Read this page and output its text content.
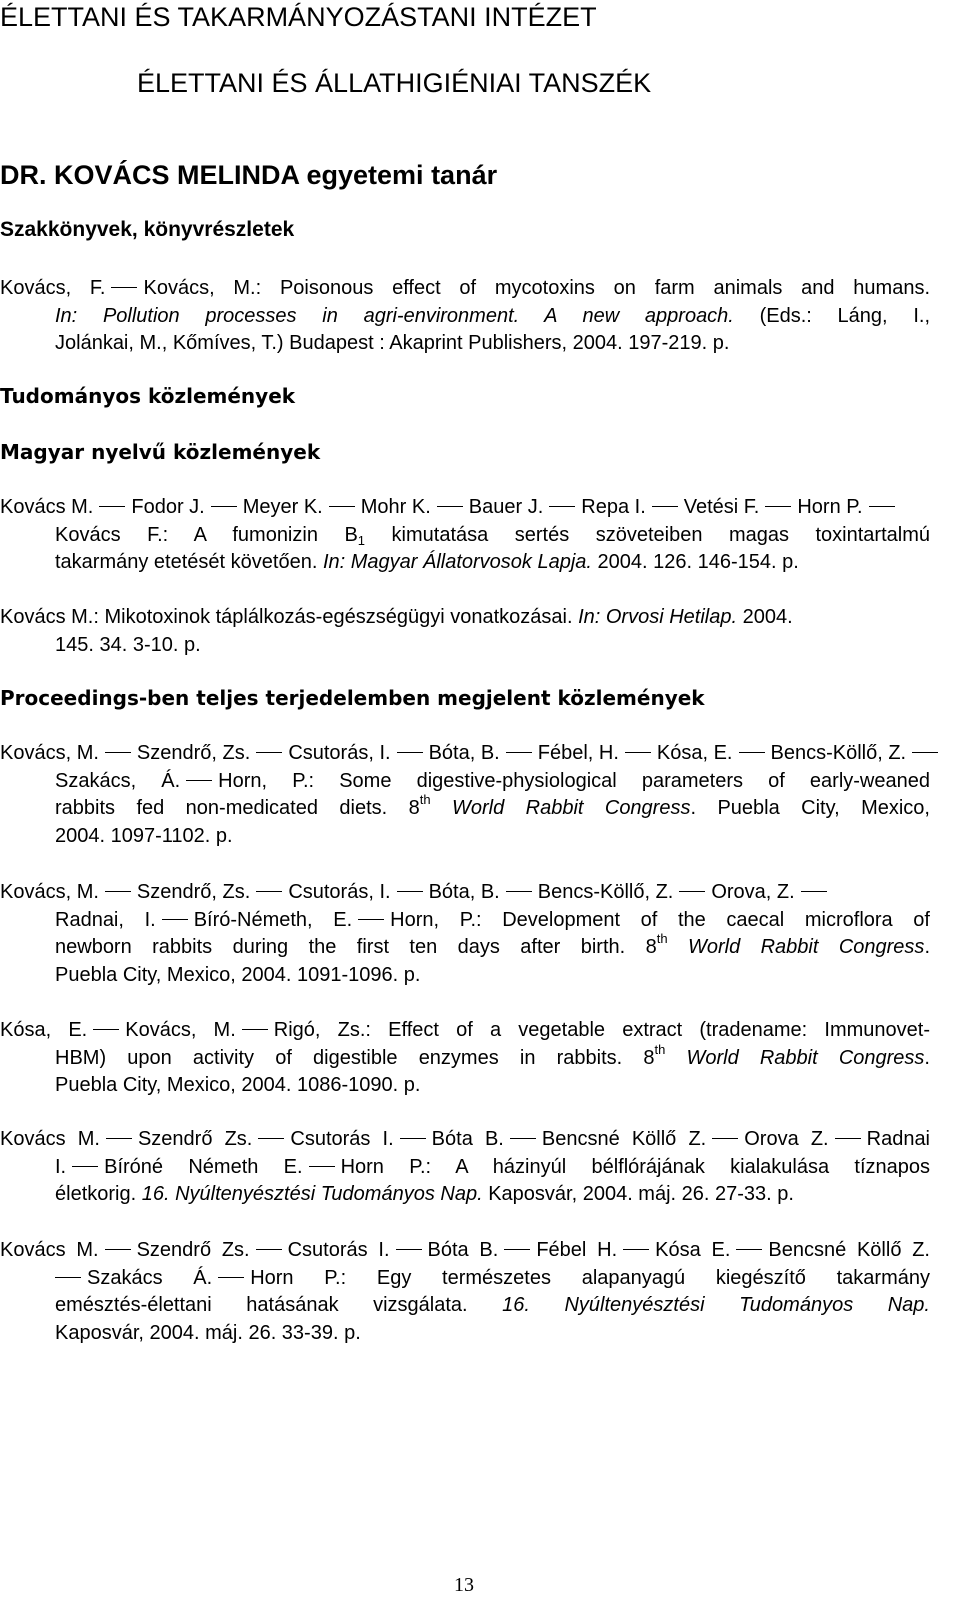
ÉLETTANI ÉS TAKARMÁNYOZÁSTANI INTÉZET
ÉLETTANI ÉS ÁLLATHIGIÉNIAI TANSZÉK
DR. KOVÁCS MELINDA egyetemi tanár
Szakkönyvek, könyvrészletek
Kovács, F. Kovács, M.: Poisonous effect of mycotoxins on farm animals and humans.
In: Pollution processes in agri-environment. A new approach. (Eds.: Láng, I.,
Jolánkai, M., Kőmíves, T.) Budapest : Akaprint Publishers, 2004. 197-219. p.
Tudományos közlemények
Magyar nyelvű közlemények
Kovács M. Fodor J. Meyer K. Mohr K. Bauer J. Repa I. Vetési F. Horn P.
Kovács F.: A fumonizin $B_1$ kimutatása sertés szöveteiben magas toxintartalmú
takarmány etetését követően. In: Magyar Állatorvosok Lapja. 2004. 126. 146-154. p.
Kovács M.: Mikotoxinok táplálkozás-egészségügyi vonatkozásai. In: Orvosi Hetilap. 2004.
145. 34. 3-10. p.
Proceedings-ben teljes terjedelemben megjelent közlemények
Kovács, M. Szendrő, Zs. Csutorás, I. Bóta, B. Fébel, H. Kósa, E. Bencs-Köllő, Z.
Szakács, Á. Horn, P.: Some digestive-physiological parameters of early-weaned
rabbits fed non-medicated diets. 8th World Rabbit Congress. Puebla City, Mexico,
2004. 1097-1102. p.
Kovács, M. Szendrő, Zs. Csutorás, I. Bóta, B. Bencs-Köllő, Z. Orova, Z.
Radnai, I. Bíró-Németh, E. Horn, P.: Development of the caecal microflora of
newborn rabbits during the first ten days after birth. 8th World Rabbit Congress.
Puebla City, Mexico, 2004. 1091-1096. p.
Kósa, E. Kovács, M. Rigó, Zs.: Effect of a vegetable extract (tradename: Immunovet-
HBM) upon activity of digestible enzymes in rabbits. 8th World Rabbit Congress.
Puebla City, Mexico, 2004. 1086-1090. p.
Kovács M. Szendrő Zs. Csutorás I. Bóta B. Bencsné Köllő Z. Orova Z. Radnai
I. Bíróné Németh E. Horn P.: A házinyúl bélflórájának kialakulása tíznapos
életkorig. 16. Nyúltenyésztési Tudományos Nap. Kaposvár, 2004. máj. 26. 27-33. p.
Kovács M. Szendrő Zs. Csutorás I. Bóta B. Fébel H. Kósa E. Bencsné Köllő Z.
Szakács Á. Horn P.: Egy természetes alapanyagú kiegészítő takarmány
emésztés-élettani hatásának vizsgálata. 16. Nyúltenyésztési Tudományos Nap.
Kaposvár, 2004. máj. 26. 33-39. p.
13
